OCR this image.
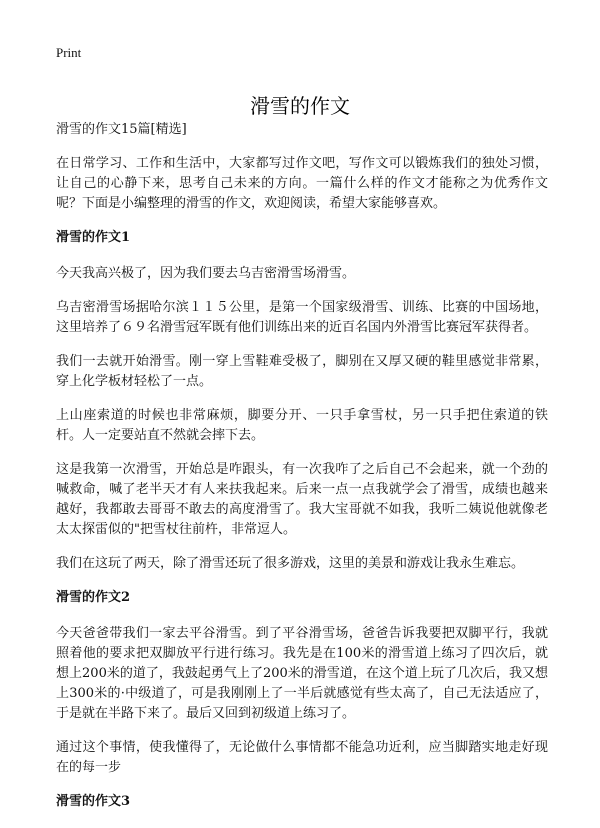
Print
滑雪的作文

滑雪的作文15篇[精选]

在日常学习、工作和生活中，大家都写过作文吧，写作文可以锻炼我们的独处习惯，让自己的心静下来，思考自己未来的方向。一篇什么样的作文才能称之为优秀作文呢？下面是小编整理的滑雪的作文，欢迎阅读，希望大家能够喜欢。

滑雪的作文1

今天我高兴极了，因为我们要去乌吉密滑雪场滑雪。

乌吉密滑雪场据哈尔滨１１５公里，是第一个国家级滑雪、训练、比赛的中国场地，这里培养了６９名滑雪冠军既有他们训练出来的近百名国内外滑雪比赛冠军获得者。

我们一去就开始滑雪。刚一穿上雪鞋难受极了，脚别在又厚又硬的鞋里感觉非常累，穿上化学板材轻松了一点。

上山座索道的时候也非常麻烦，脚要分开、一只手拿雪杖，另一只手把住索道的铁杆。人一定要站直不然就会摔下去。

这是我第一次滑雪，开始总是咋跟头，有一次我咋了之后自己不会起来，就一个劲的喊救命，喊了老半天才有人来扶我起来。后来一点一点我就学会了滑雪，成绩也越来越好，我都敢去哥哥不敢去的高度滑雪了。我大宝哥就不如我，我听二姨说他就像老太太探雷似的"把雪杖往前杵，非常逗人。

我们在这玩了两天，除了滑雪还玩了很多游戏，这里的美景和游戏让我永生难忘。

滑雪的作文2

今天爸爸带我们一家去平谷滑雪。到了平谷滑雪场，爸爸告诉我要把双脚平行，我就照着他的要求把双脚放平行进行练习。我先是在100米的滑雪道上练习了四次后，就想上200米的道了，我鼓起勇气上了200米的滑雪道，在这个道上玩了几次后，我又想上300米的·中级道了，可是我刚刚上了一半后就感觉有些太高了，自己无法适应了，于是就在半路下来了。最后又回到初级道上练习了。

通过这个事情，使我懂得了，无论做什么事情都不能急功近利，应当脚踏实地走好现在的每一步

滑雪的作文3
